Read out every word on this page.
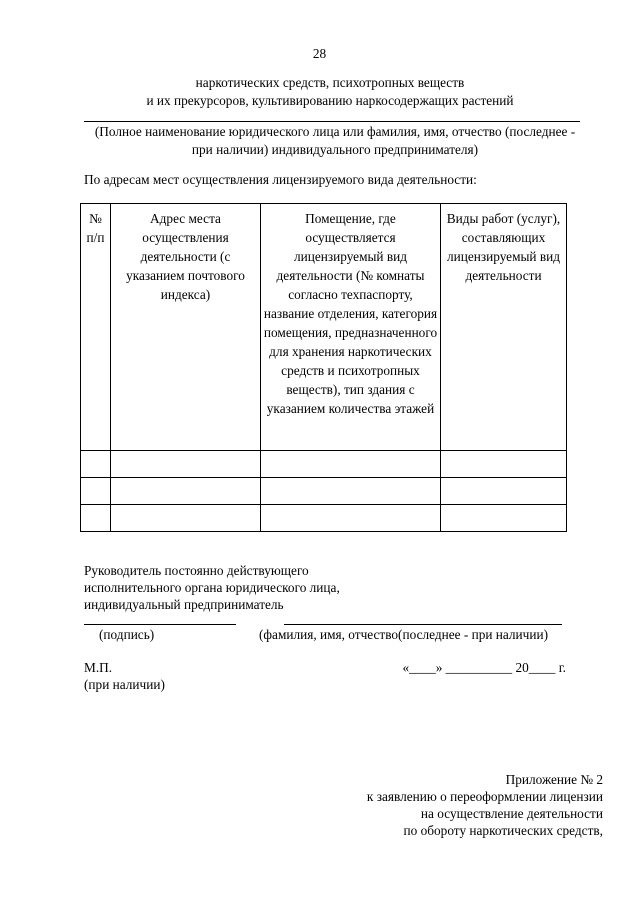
28
наркотических средств, психотропных веществ
и их прекурсоров, культивированию наркосодержащих растений
(Полное наименование юридического лица или фамилия, имя, отчество (последнее -
при наличии) индивидуального предпринимателя)
По адресам мест осуществления лицензируемого вида деятельности:
№ п/п	Адрес места осуществления деятельности (с указанием почтового индекса)	Помещение, где осуществляется лицензируемый вид деятельности (№ комнаты согласно техпаспорту, название отделения, категория помещения, предназначенного для хранения наркотических средств и психотропных веществ), тип здания с указанием количества этажей	Виды работ (услуг), составляющих лицензируемый вид деятельности

Руководитель постоянно действующего
исполнительного органа юридического лица,
индивидуальный предприниматель
(подпись)	(фамилия, имя, отчество(последнее - при наличии)
М.П.
(при наличии)
«____» __________ 20____ г.
Приложение № 2
к заявлению о переоформлении лицензии
на осуществление деятельности
по обороту наркотических средств,
